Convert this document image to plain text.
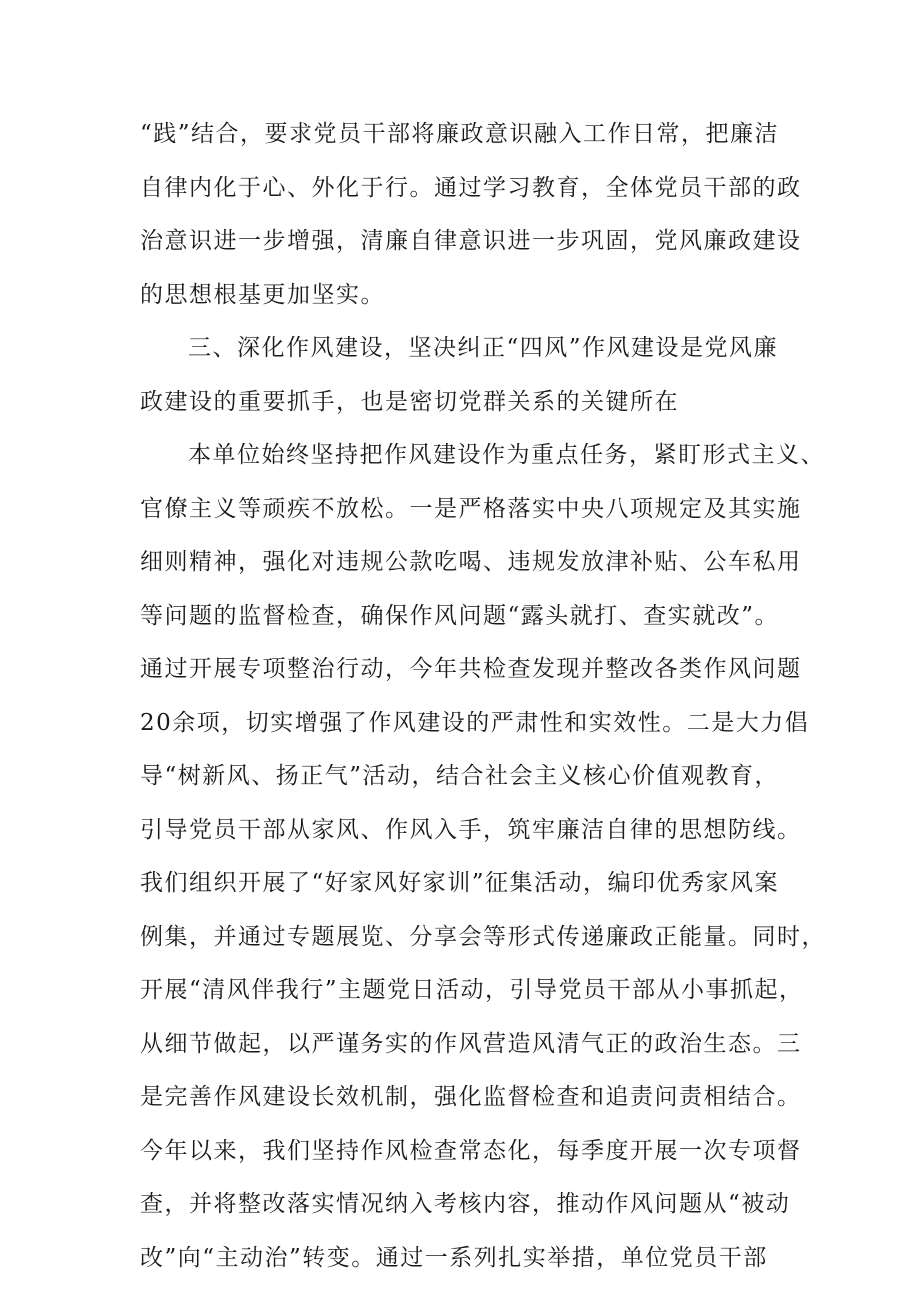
“践”结合，要求党员干部将廉政意识融入工作日常，把廉洁
自律内化于心、外化于行。通过学习教育，全体党员干部的政
治意识进一步增强，清廉自律意识进一步巩固，党风廉政建设
的思想根基更加坚实。
三、深化作风建设，坚决纠正“四风”作风建设是党风廉
政建设的重要抓手，也是密切党群关系的关键所在
本单位始终坚持把作风建设作为重点任务，紧盯形式主义、
官僚主义等顽疾不放松。一是严格落实中央八项规定及其实施
细则精神，强化对违规公款吃喝、违规发放津补贴、公车私用
等问题的监督检查，确保作风问题“露头就打、查实就改”。
通过开展专项整治行动，今年共检查发现并整改各类作风问题
20余项，切实增强了作风建设的严肃性和实效性。二是大力倡
导“树新风、扬正气”活动，结合社会主义核心价值观教育，
引导党员干部从家风、作风入手，筑牢廉洁自律的思想防线。
我们组织开展了“好家风好家训”征集活动，编印优秀家风案
例集，并通过专题展览、分享会等形式传递廉政正能量。同时，
开展“清风伴我行”主题党日活动，引导党员干部从小事抓起，
从细节做起，以严谨务实的作风营造风清气正的政治生态。三
是完善作风建设长效机制，强化监督检查和追责问责相结合。
今年以来，我们坚持作风检查常态化，每季度开展一次专项督
查，并将整改落实情况纳入考核内容，推动作风问题从“被动
改”向“主动治”转变。通过一系列扎实举措，单位党员干部
